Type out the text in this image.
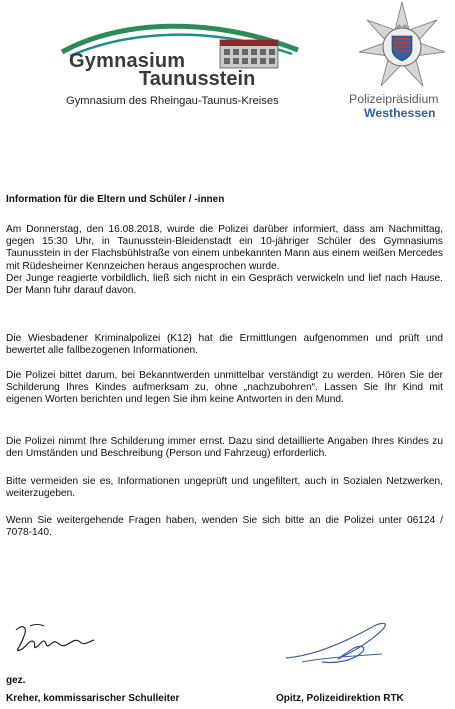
Gymnasium
Taunusstein
Gymnasium des Rheingau-Taunus-Kreises	Polizeipräsidium
Westhessen
Information für die Eltern und Schüler / -innen

Am Donnerstag, den 16.08.2018, wurde die Polizei darüber informiert, dass am Nachmittag, gegen 15:30 Uhr, in Taunusstein-Bleidenstadt ein 10-jähriger Schüler des Gymnasiums Taunusstein in der Flachsbühlstraße von einem unbekannten Mann aus einem weißen Mercedes mit Rüdesheimer Kennzeichen heraus angesprochen wurde.

Der Junge reagierte vorbildlich, ließ sich nicht in ein Gespräch verwickeln und lief nach Hause. Der Mann fuhr darauf davon.

Die Wiesbadener Kriminalpolizei (K12) hat die Ermittlungen aufgenommen und prüft und bewertet alle fallbezogenen Informationen.

Die Polizei bittet darum, bei Bekanntwerden unmittelbar verständigt zu werden. Hören Sie der Schilderung Ihres Kindes aufmerksam zu, ohne „nachzubohren“. Lassen Sie Ihr Kind mit eigenen Worten berichten und legen Sie ihm keine Antworten in den Mund.

Die Polizei nimmt Ihre Schilderung immer ernst. Dazu sind detaillierte Angaben Ihres Kindes zu den Umständen und Beschreibung (Person und Fahrzeug) erforderlich.

Bitte vermeiden sie es, Informationen ungeprüft und ungefiltert, auch in Sozialen Netzwerken, weiterzugeben.

Wenn Sie weitergehende Fragen haben, wenden Sie sich bitte an die Polizei unter 06124 / 7078-140.

gez.
Kreher, kommissarischer Schulleiter	Opitz, Polizeidirektion RTK
